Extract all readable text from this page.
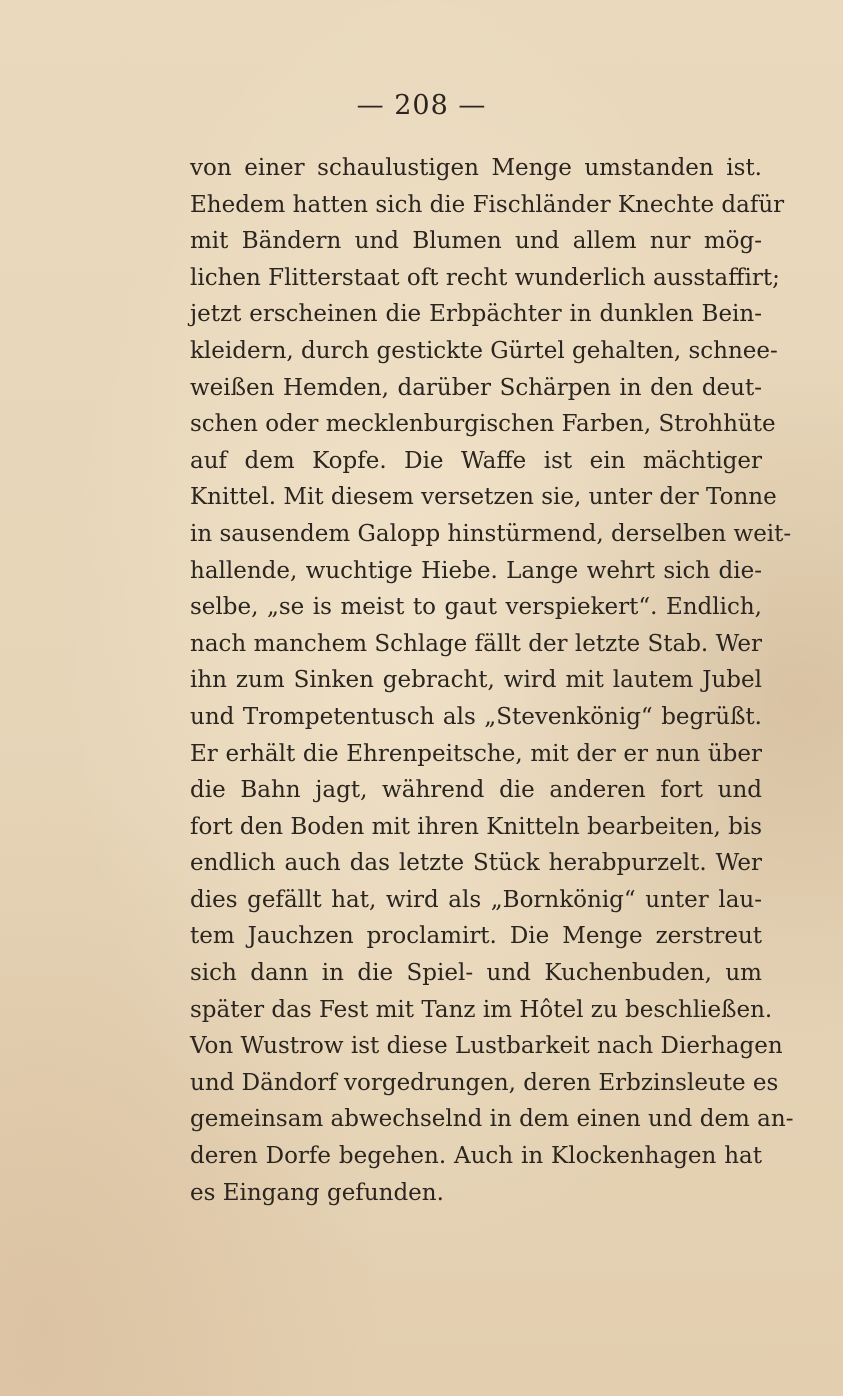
— 208 —
von einer schaulustigen Menge umstanden ist.
Ehedem hatten sich die Fischländer Knechte dafür
mit Bändern und Blumen und allem nur mög-
lichen Flitterstaat oft recht wunderlich ausstaffirt;
jetzt erscheinen die Erbpächter in dunklen Bein-
kleidern, durch gestickte Gürtel gehalten, schnee-
weißen Hemden, darüber Schärpen in den deut-
schen oder mecklenburgischen Farben, Strohhüte
auf dem Kopfe. Die Waffe ist ein mächtiger
Knittel. Mit diesem versetzen sie, unter der Tonne
in sausendem Galopp hinstürmend, derselben weit-
hallende, wuchtige Hiebe. Lange wehrt sich die-
selbe, „se is meist to gaut verspiekert“. Endlich,
nach manchem Schlage fällt der letzte Stab. Wer
ihn zum Sinken gebracht, wird mit lautem Jubel
und Trompetentusch als „Stevenkönig“ begrüßt.
Er erhält die Ehrenpeitsche, mit der er nun über
die Bahn jagt, während die anderen fort und
fort den Boden mit ihren Knitteln bearbeiten, bis
endlich auch das letzte Stück herabpurzelt. Wer
dies gefällt hat, wird als „Bornkönig“ unter lau-
tem Jauchzen proclamirt. Die Menge zerstreut
sich dann in die Spiel- und Kuchenbuden, um
später das Fest mit Tanz im Hôtel zu beschließen.
Von Wustrow ist diese Lustbarkeit nach Dierhagen
und Dändorf vorgedrungen, deren Erbzinsleute es
gemeinsam abwechselnd in dem einen und dem an-
deren Dorfe begehen. Auch in Klockenhagen hat
es Eingang gefunden.
